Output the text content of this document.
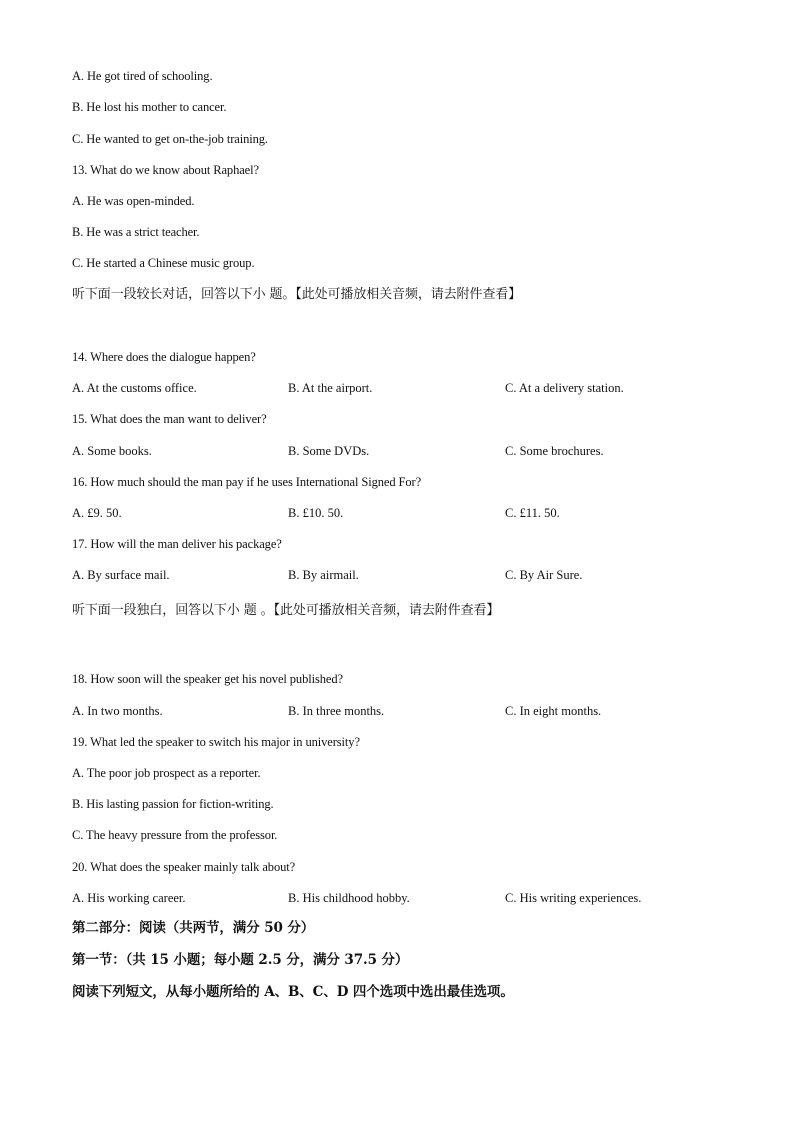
A. He got tired of schooling.
B. He lost his mother to cancer.
C. He wanted to get on-the-job training.
13. What do we know about Raphael?
A. He was open-minded.
B. He was a strict teacher.
C. He started a Chinese music group.
听下面一段较长对话，回答以下小 题。【此处可播放相关音频，请去附件查看】
14. Where does the dialogue happen?
A. At the customs office.	B. At the airport.	C. At a delivery station.
15. What does the man want to deliver?
A. Some books.	B. Some DVDs.	C. Some brochures.
16. How much should the man pay if he uses International Signed For?
A. £9. 50.	B. £10. 50.	C. £11. 50.
17. How will the man deliver his package?
A. By surface mail.	B. By airmail.	C. By Air Sure.
听下面一段独白，回答以下小 题 。【此处可播放相关音频，请去附件查看】
18. How soon will the speaker get his novel published?
A. In two months.	B. In three months.	C. In eight months.
19. What led the speaker to switch his major in university?
A. The poor job prospect as a reporter.
B. His lasting passion for fiction-writing.
C. The heavy pressure from the professor.
20. What does the speaker mainly talk about?
A. His working career.	B. His childhood hobby.	C. His writing experiences.
第二部分：阅读（共两节，满分 50 分）
第一节：（共 15 小题；每小题 2.5 分，满分 37.5 分）
阅读下列短文，从每小题所给的 A、B、C、D 四个选项中选出最佳选项。
